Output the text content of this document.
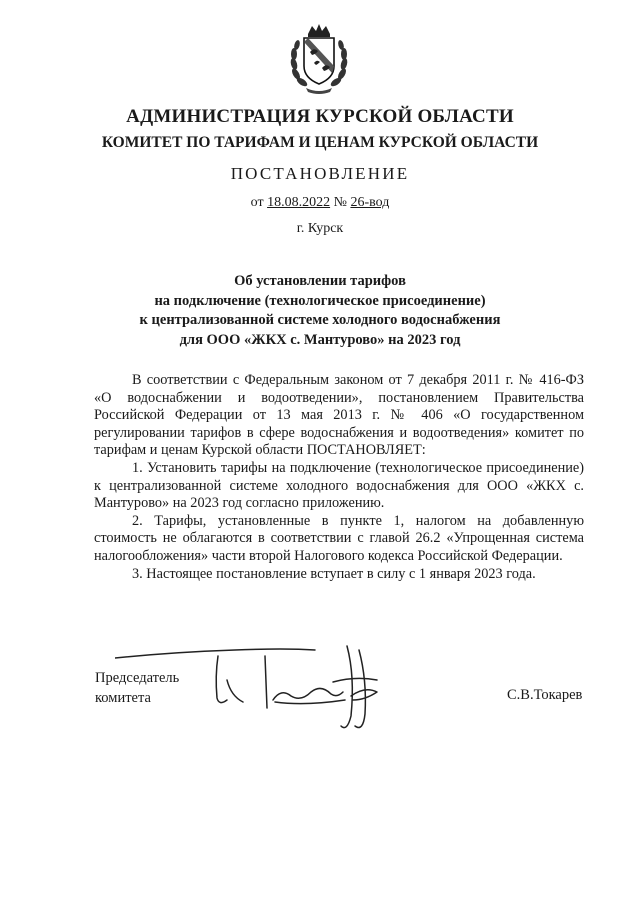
АДМИНИСТРАЦИЯ КУРСКОЙ ОБЛАСТИ
КОМИТЕТ ПО ТАРИФАМ И ЦЕНАМ КУРСКОЙ ОБЛАСТИ
ПОСТАНОВЛЕНИЕ
от 18.08.2022 № 26-вод
г. Курск
Об установлении тарифов
на подключение (технологическое присоединение)
к централизованной системе холодного водоснабжения
для ООО «ЖКХ с. Мантурово» на 2023 год

В соответствии с Федеральным законом от 7 декабря 2011 г. № 416-ФЗ «О водоснабжении и водоотведении», постановлением Правительства Российской Федерации от 13 мая 2013 г. № 406 «О государственном регулировании тарифов в сфере водоснабжения и водоотведения» комитет по тарифам и ценам Курской области ПОСТАНОВЛЯЕТ:

1. Установить тарифы на подключение (технологическое присоединение) к централизованной системе холодного водоснабжения для ООО «ЖКХ с. Мантурово» на 2023 год согласно приложению.

2. Тарифы, установленные в пункте 1, налогом на добавленную стоимость не облагаются в соответствии с главой 26.2 «Упрощенная система налогообложения» части второй Налогового кодекса Российской Федерации.

3. Настоящее постановление вступает в силу с 1 января 2023 года.

Председатель
комитета	С.В.Токарев
